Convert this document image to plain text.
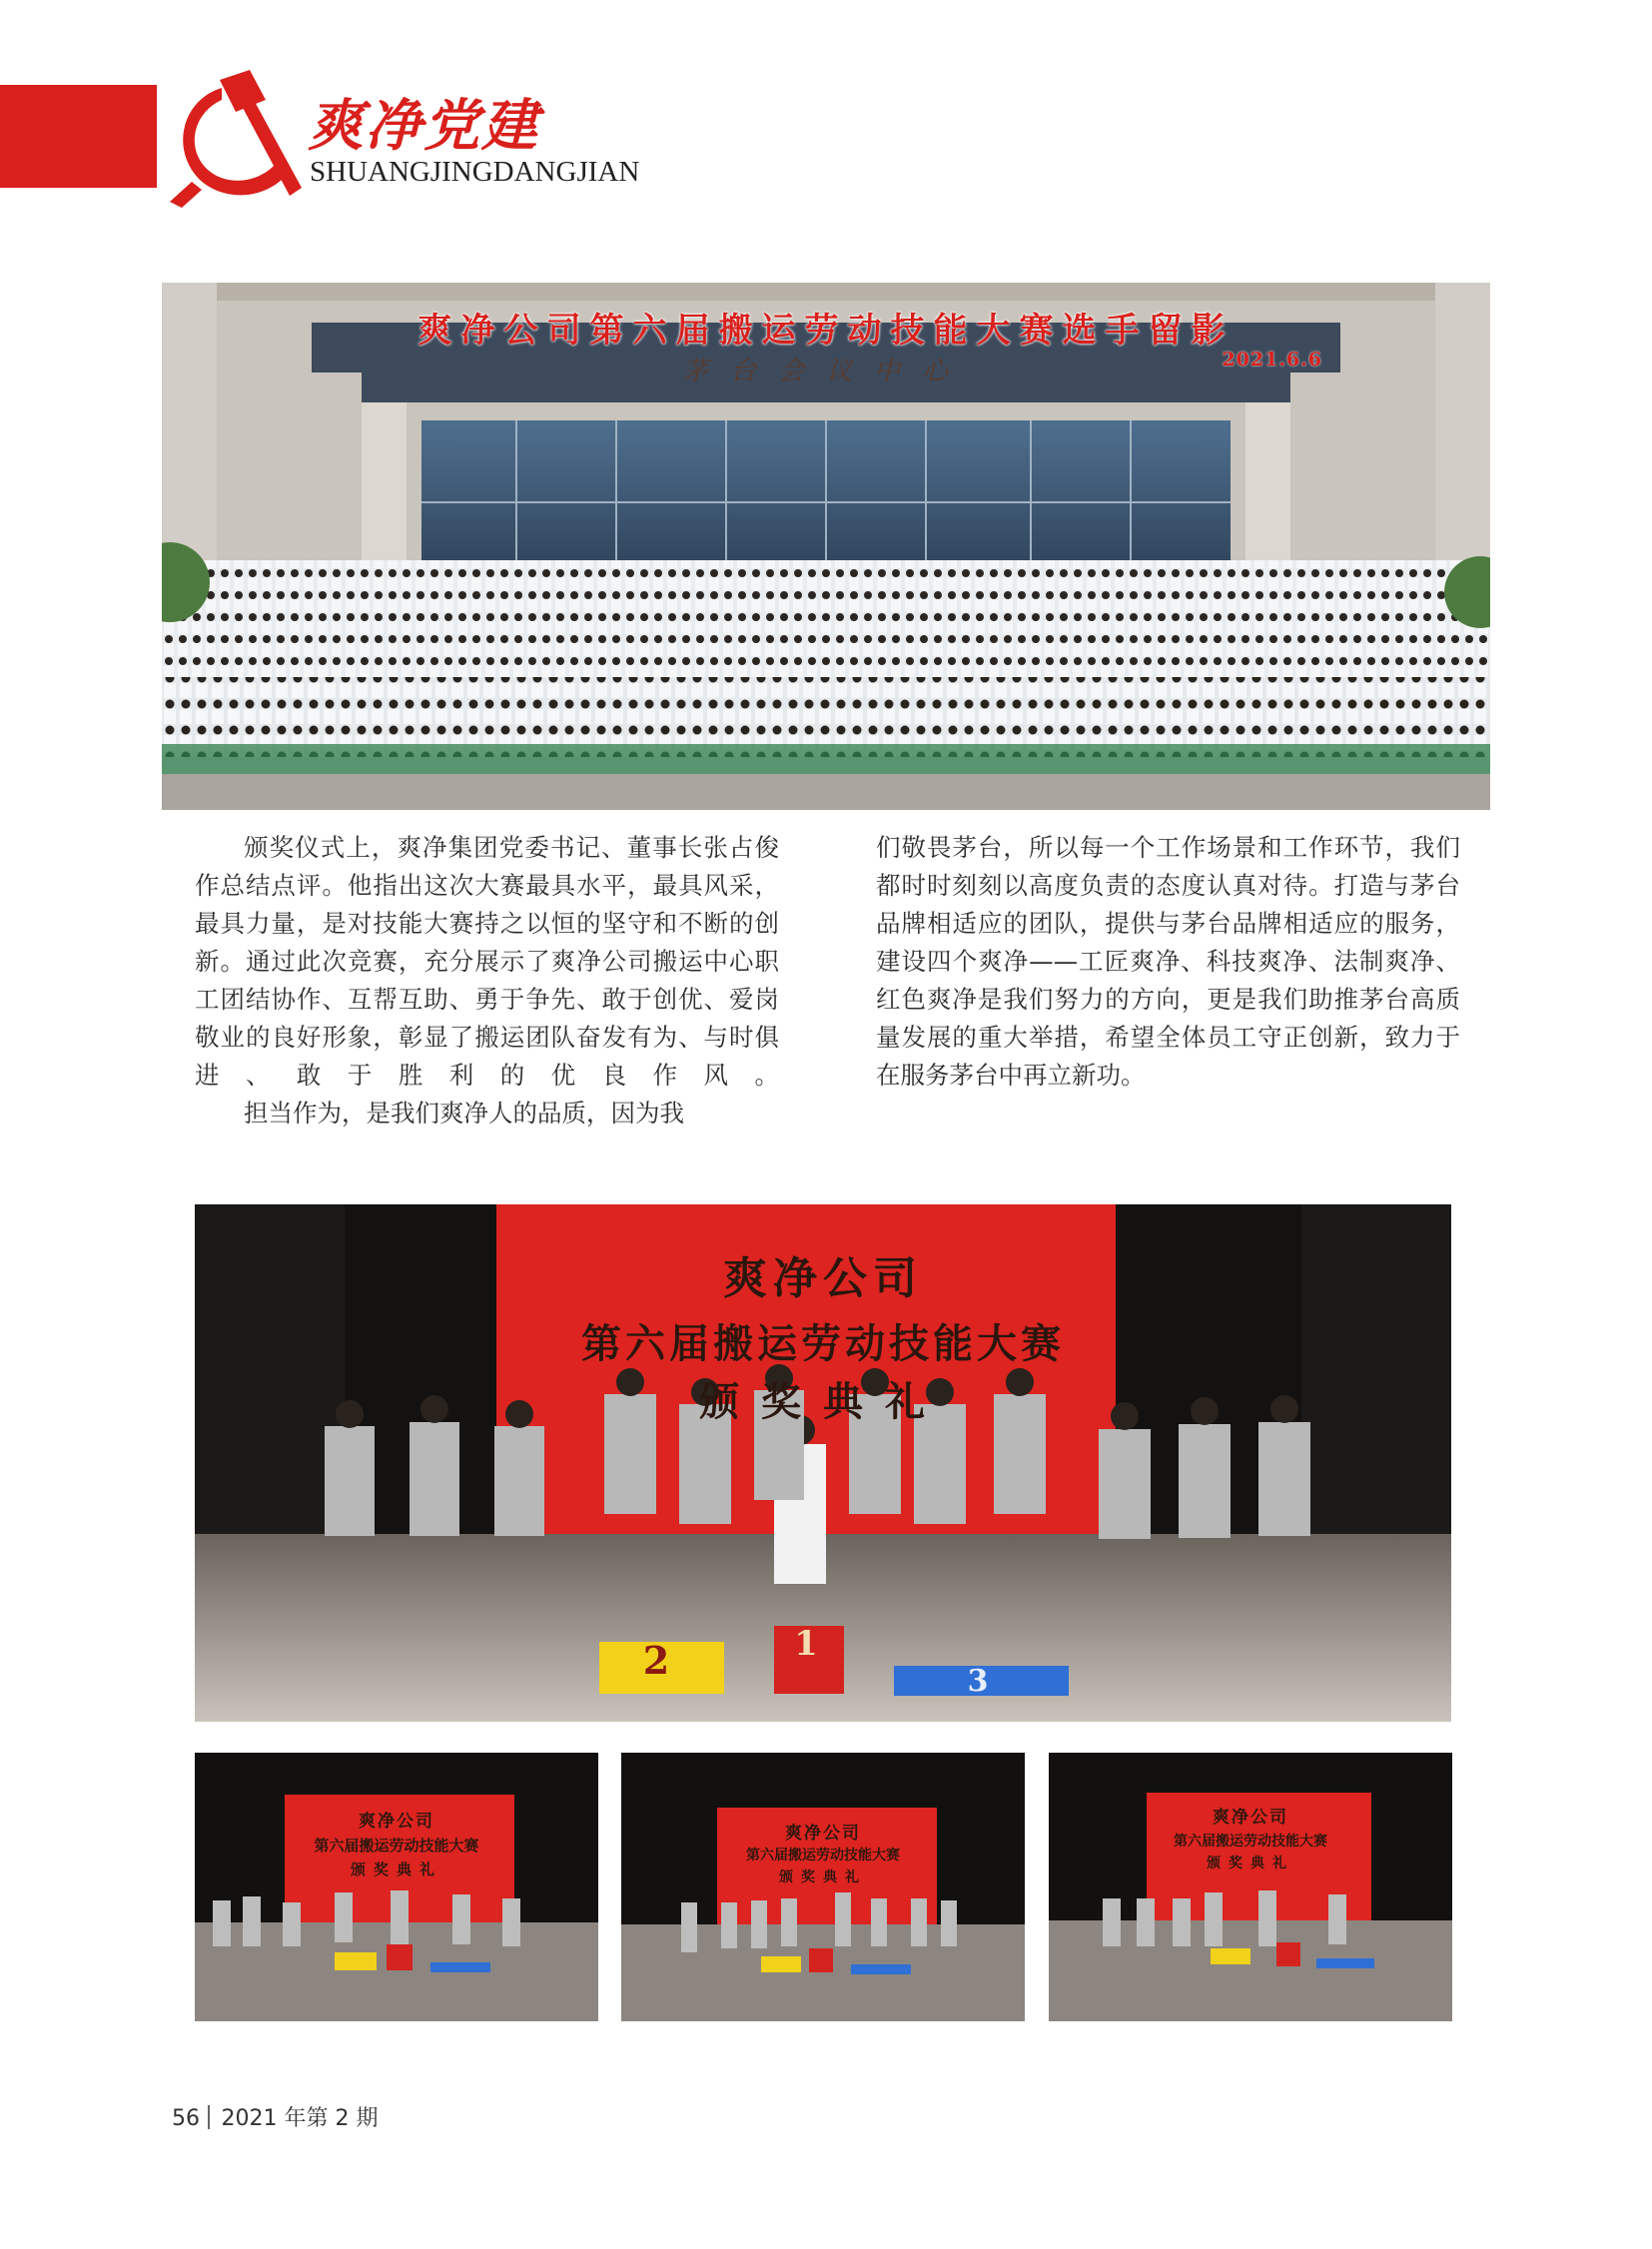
爽净党建
SHUANGJINGDANGJIAN
爽净公司第六届搬运劳动技能大赛选手留影
2021.6.6
茅台会议中心

颁奖仪式上，爽净集团党委书记、董事长张占俊作总结点评。他指出这次大赛最具水平，最具风采，最具力量，是对技能大赛持之以恒的坚守和不断的创新。通过此次竞赛，充分展示了爽净公司搬运中心职工团结协作、互帮互助、勇于争先、敢于创优、爱岗敬业的良好形象，彰显了搬运团队奋发有为、与时俱进、敢于胜利的优良作风。

担当作为，是我们爽净人的品质，因为我

们敬畏茅台，所以每一个工作场景和工作环节，我们都时时刻刻以高度负责的态度认真对待。打造与茅台品牌相适应的团队，提供与茅台品牌相适应的服务，建设四个爽净——工匠爽净、科技爽净、法制爽净、红色爽净是我们努力的方向，更是我们助推茅台高质量发展的重大举措，希望全体员工守正创新，致力于在服务茅台中再立新功。

爽净公司
第六届搬运劳动技能大赛
颁奖典礼
2	1
3
爽净公司
第六届搬运劳动技能大赛
颁奖典礼
爽净公司
第六届搬运劳动技能大赛
颁奖典礼
爽净公司
第六届搬运劳动技能大赛
颁奖典礼
56 2021 年第 2 期
